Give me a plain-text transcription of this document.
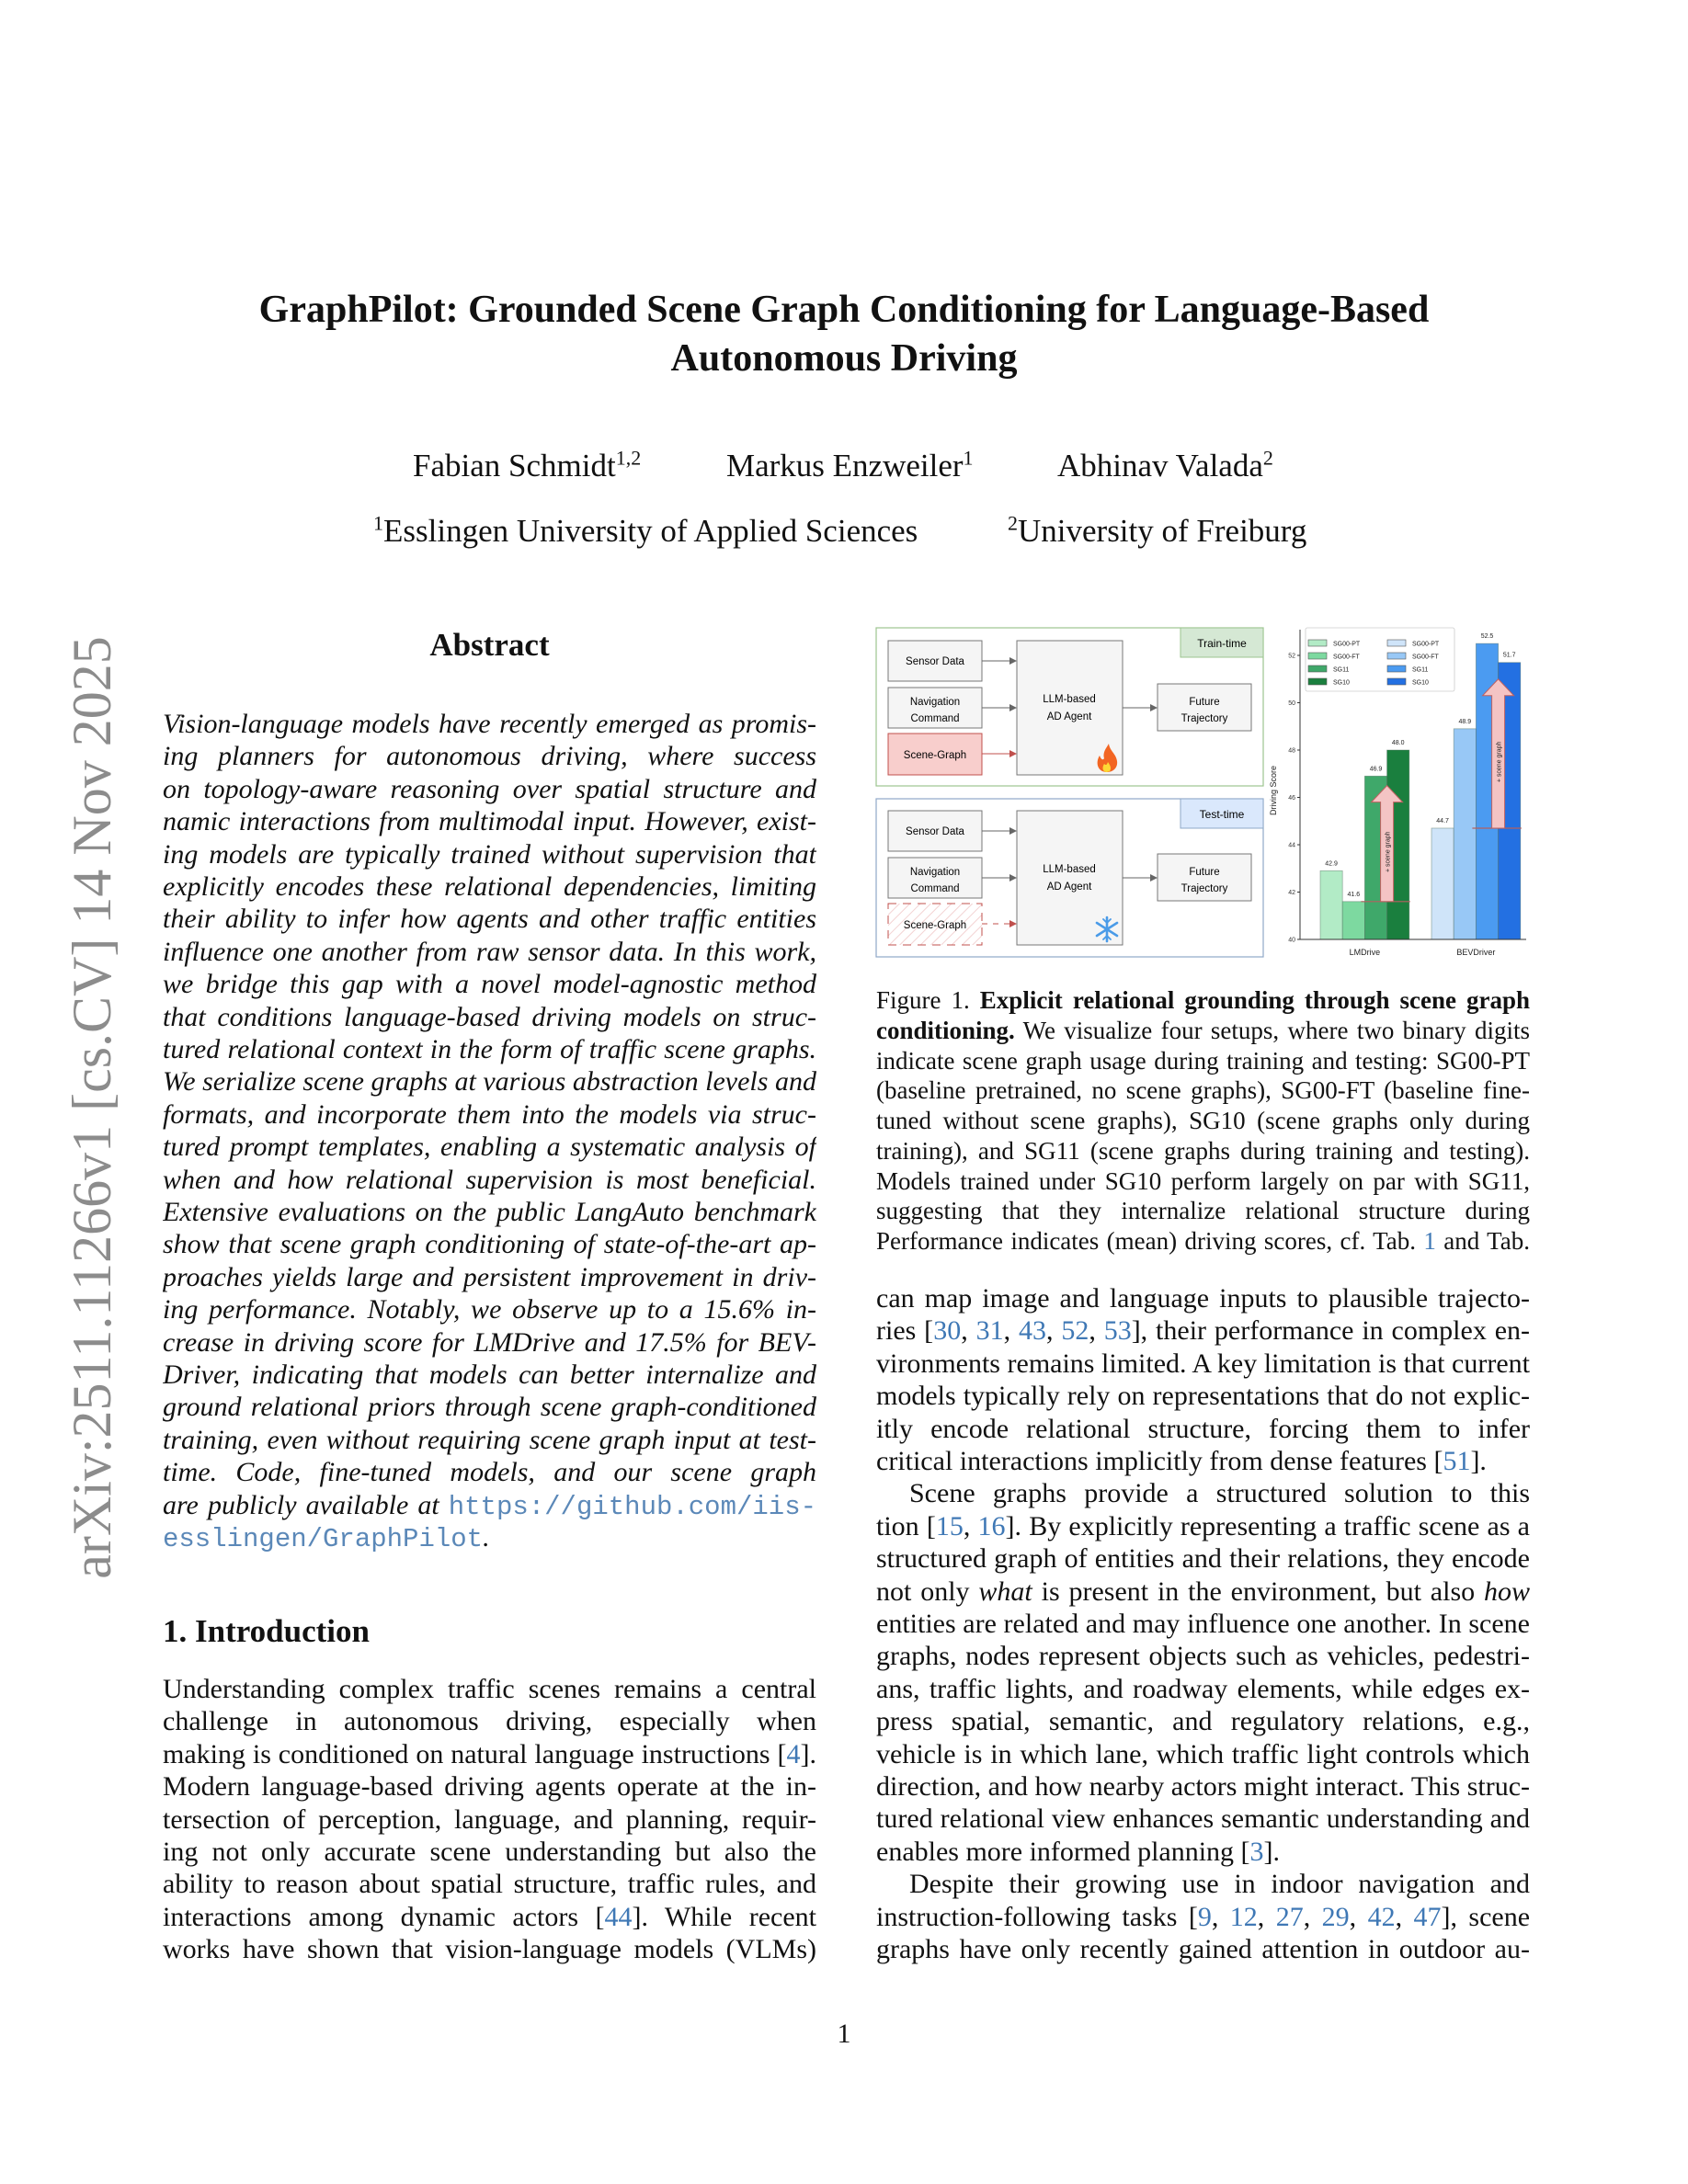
arXiv:2511.11266v1 [cs.CV] 14 Nov 2025
GraphPilot: Grounded Scene Graph Conditioning for Language-Based
Autonomous Driving
Fabian Schmidt$^{1,2}$	Markus Enzweiler$^1$	Abhinav Valada$^2$
$^1$Esslingen University of Applied Sciences	$^2$University of Freiburg
Abstract
Vision-language models have recently emerged as promis-
ing planners for autonomous driving, where success
on topology-aware reasoning over spatial structure and
namic interactions from multimodal input. However, exist-
ing models are typically trained without supervision that
explicitly encodes these relational dependencies, limiting
their ability to infer how agents and other traffic entities
influence one another from raw sensor data. In this work,
we bridge this gap with a novel model-agnostic method
that conditions language-based driving models on struc-
tured relational context in the form of traffic scene graphs.
We serialize scene graphs at various abstraction levels and
formats, and incorporate them into the models via struc-
tured prompt templates, enabling a systematic analysis of
when and how relational supervision is most beneficial.
Extensive evaluations on the public LangAuto benchmark
show that scene graph conditioning of state-of-the-art ap-
proaches yields large and persistent improvement in driv-
ing performance. Notably, we observe up to a 15.6% in-
crease in driving score for LMDrive and 17.5% for BEV-
Driver, indicating that models can better internalize and
ground relational priors through scene graph-conditioned
training, even without requiring scene graph input at test-
time. Code, fine-tuned models, and our scene graph
are publicly available at https://github.com/iis-
esslingen/GraphPilot.
1. Introduction
Understanding complex traffic scenes remains a central
challenge in autonomous driving, especially when
making is conditioned on natural language instructions [4].
Modern language-based driving agents operate at the in-
tersection of perception, language, and planning, requir-
ing not only accurate scene understanding but also the
ability to reason about spatial structure, traffic rules, and
interactions among dynamic actors [44]. While recent
works have shown that vision-language models (VLMs)
can map image and language inputs to plausible trajecto-
ries [30, 31, 43, 52, 53], their performance in complex en-
vironments remains limited. A key limitation is that current
models typically rely on representations that do not explic-
itly encode relational structure, forcing them to infer
critical interactions implicitly from dense features [51].
Scene graphs provide a structured solution to this
tion [15, 16]. By explicitly representing a traffic scene as a
structured graph of entities and their relations, they encode
not only what is present in the environment, but also how
entities are related and may influence one another. In scene
graphs, nodes represent objects such as vehicles, pedestri-
ans, traffic lights, and roadway elements, while edges ex-
press spatial, semantic, and regulatory relations, e.g.,
vehicle is in which lane, which traffic light controls which
direction, and how nearby actors might interact. This struc-
tured relational view enhances semantic understanding and
enables more informed planning [3].
Despite their growing use in indoor navigation and
instruction-following tasks [9, 12, 27, 29, 42, 47], scene
graphs have only recently gained attention in outdoor au-
Train-time
Sensor Data
Navigation
Command
Scene-Graph
LLM-based
AD Agent
Future
Trajectory
Test-time
Sensor Data
Navigation
Command
Scene-Graph
LLM-based
AD Agent
Future
Trajectory
40
42
44
46
48
50
52
42.9
41.6
46.9
48.0
LMDrive
44.7
48.9
52.5
51.7
BEVDriver
+ scene graph
+ scene graph
Driving Score
SG00-PT
SG00-FT
SG11
SG10
SG00-PT
SG00-FT
SG11
SG10
Figure 1. Explicit relational grounding through scene graph
conditioning. We visualize four setups, where two binary digits
indicate scene graph usage during training and testing: SG00-PT
(baseline pretrained, no scene graphs), SG00-FT (baseline fine-
tuned without scene graphs), SG10 (scene graphs only during
training), and SG11 (scene graphs during training and testing).
Models trained under SG10 perform largely on par with SG11,
suggesting that they internalize relational structure during
Performance indicates (mean) driving scores, cf. Tab. 1 and Tab.
1
